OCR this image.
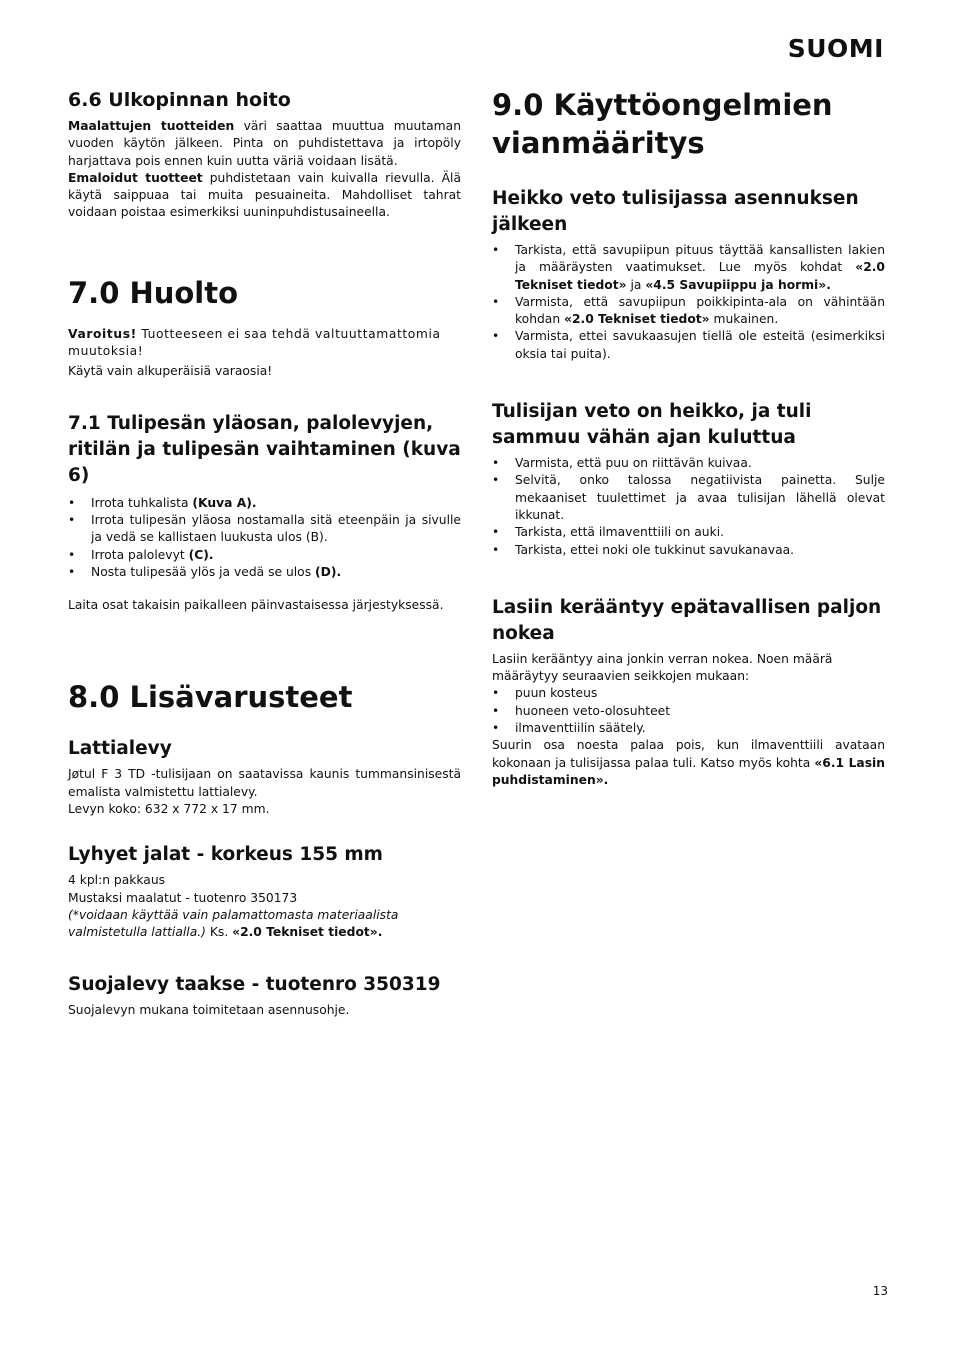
SUOMI
6.6 Ulkopinnan hoito

Maalattujen tuotteiden väri saattaa muuttua muutaman vuoden käytön jälkeen. Pinta on puhdistettava ja irtopöly harjattava pois ennen kuin uutta väriä voidaan lisätä.

Emaloidut tuotteet puhdistetaan vain kuivalla rievulla. Älä käytä saippuaa tai muita pesuaineita. Mahdolliset tahrat voidaan poistaa esimerkiksi uuninpuhdistusaineella.

7.0 Huolto

Varoitus! Tuotteeseen ei saa tehdä valtuuttamattomia muutoksia!

Käytä vain alkuperäisiä varaosia!

7.1 Tulipesän yläosan, palolevyjen, ritilän ja tulipesän vaihtaminen (kuva 6)
• Irrota tuhkalista (Kuva A).
• Irrota tulipesän yläosa nostamalla sitä eteenpäin ja sivulle ja vedä se kallistaen luukusta ulos (B).
• Irrota palolevyt (C).
• Nosta tulipesää ylös ja vedä se ulos (D).

Laita osat takaisin paikalleen päinvastaisessa järjestyksessä.

8.0 Lisävarusteet
Lattialevy

Jøtul F 3 TD -tulisijaan on saatavissa kaunis tummansinisestä emalista valmistettu lattialevy.

Levyn koko: 632 x 772 x 17 mm.

Lyhyet jalat - korkeus 155 mm

4 kpl:n pakkaus

Mustaksi maalatut - tuotenro 350173

(*voidaan käyttää vain palamattomasta materiaalista valmistetulla lattialla.) Ks. «2.0 Tekniset tiedot».

Suojalevy taakse - tuotenro 350319

Suojalevyn mukana toimitetaan asennusohje.

9.0 Käyttöongelmien vianmääritys
Heikko veto tulisijassa asennuksen jälkeen
• Tarkista, että savupiipun pituus täyttää kansallisten lakien ja määräysten vaatimukset. Lue myös kohdat «2.0 Tekniset tiedot» ja «4.5 Savupiippu ja hormi».
• Varmista, että savupiipun poikkipinta-ala on vähintään kohdan «2.0 Tekniset tiedot» mukainen.
• Varmista, ettei savukaasujen tiellä ole esteitä (esimerkiksi oksia tai puita).
Tulisijan veto on heikko, ja tuli sammuu vähän ajan kuluttua
• Varmista, että puu on riittävän kuivaa.
• Selvitä, onko talossa negatiivista painetta. Sulje mekaaniset tuulettimet ja avaa tulisijan lähellä olevat ikkunat.
• Tarkista, että ilmaventtiili on auki.
• Tarkista, ettei noki ole tukkinut savukanavaa.
Lasiin kerääntyy epätavallisen paljon nokea

Lasiin kerääntyy aina jonkin verran nokea. Noen määrä määräytyy seuraavien seikkojen mukaan:

• puun kosteus
• huoneen veto-olosuhteet
• ilmaventtiilin säätely.

Suurin osa noesta palaa pois, kun ilmaventtiili avataan kokonaan ja tulisijassa palaa tuli. Katso myös kohta «6.1 Lasin puhdistaminen».

13
